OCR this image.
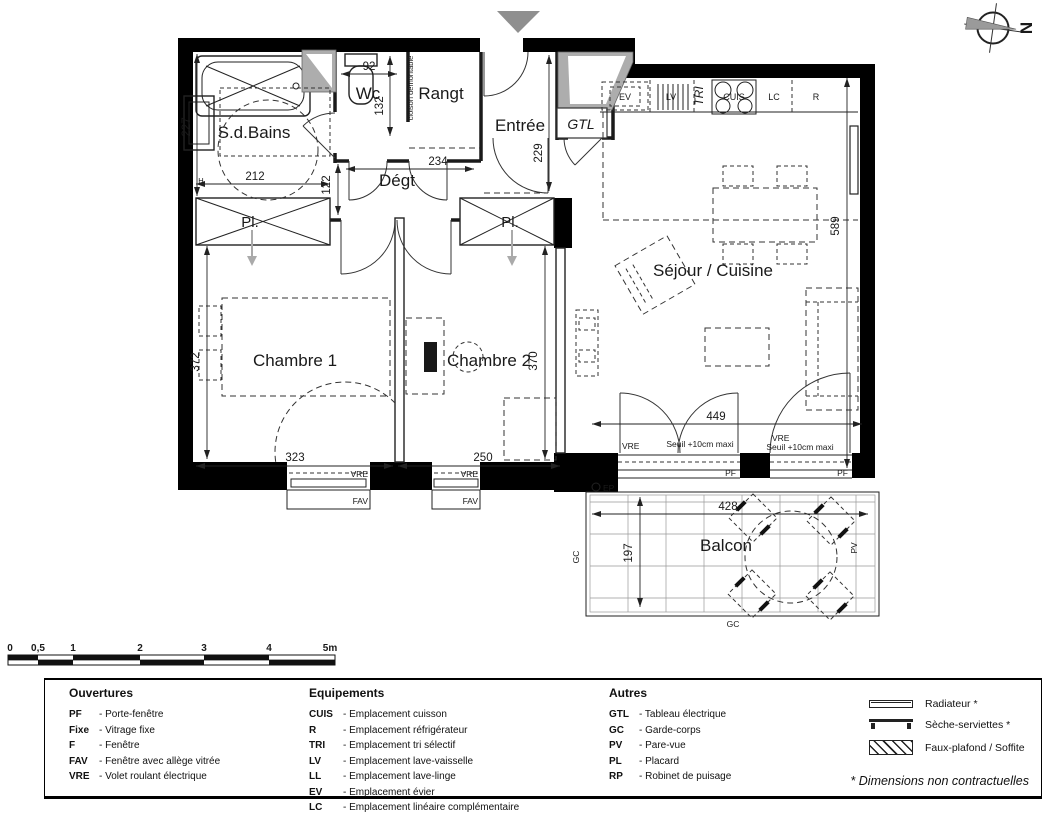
N
S.d.Bains
Wc Rangt
Entrée
Dégt
GTL
Pl.	Pl.
Chambre 1	Chambre 2
Séjour / Cuisine
Balcon
EV	LV TRI CUIS	LC	R
212
227
92
132
234
122
229
589
372	370
323	250
449
428
197
H
cloison démontable
VRE
FAV
VRE
FAV
VRE	Seuil +10cm maxi
VRE
Seuil +10cm maxi
PF	PF
EP
GC
GC
PV
0 0,5	1	2	3	4	5m
Ouvertures
PF - Porte-fenêtre
Fixe - Vitrage fixe
F - Fenêtre
FAV - Fenêtre avec allège vitrée
VRE - Volet roulant électrique
Equipements
CUIS - Emplacement cuisson
R	- Emplacement réfrigérateur
TRI - Emplacement tri sélectif
LV - Emplacement lave-vaisselle
LL - Emplacement lave-linge
EV - Emplacement évier
LC - Emplacement linéaire complémentaire
Autres
GTL - Tableau électrique
GC - Garde-corps
PV - Pare-vue
PL - Placard
RP - Robinet de puisage
Radiateur *
Sèche-serviettes *
Faux-plafond / Soffite
* Dimensions non contractuelles
